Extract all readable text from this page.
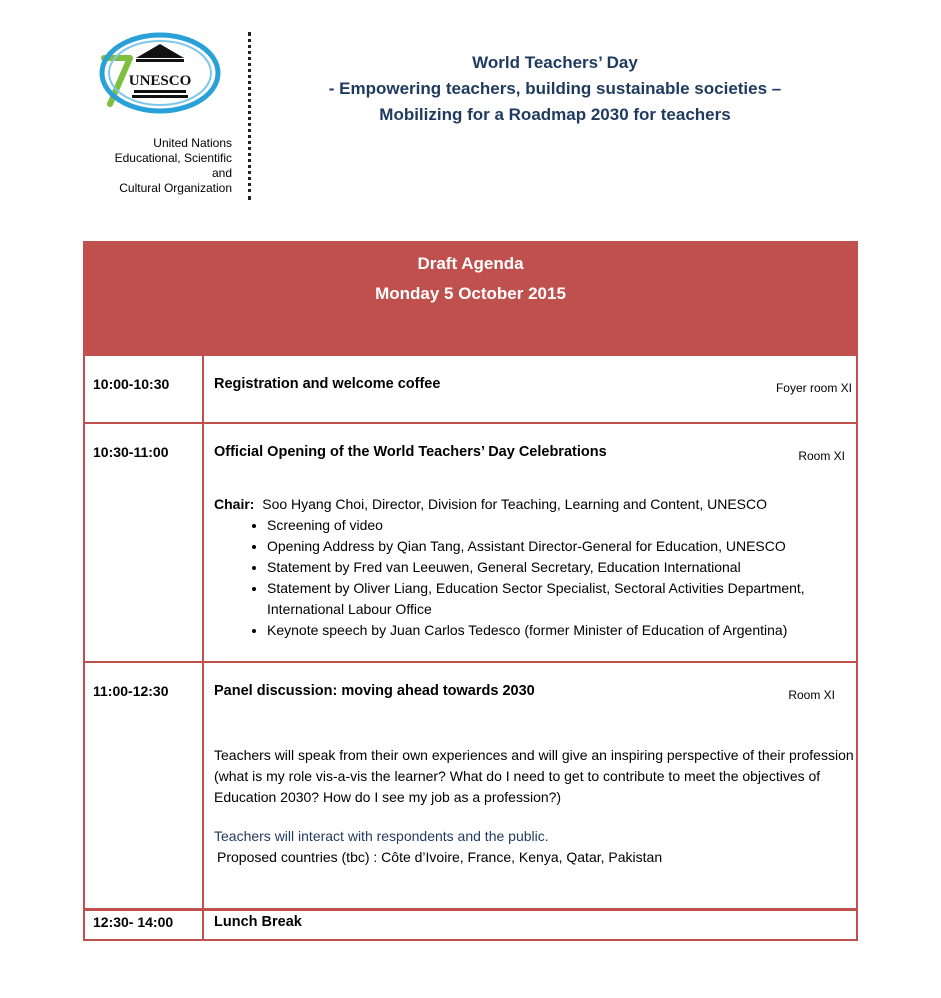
UNESCO
United Nations
Educational, Scientific
and
Cultural Organization
World Teachers’ Day
- Empowering teachers, building sustainable societies –
Mobilizing for a Roadmap 2030 for teachers
Draft Agenda
Monday 5 October 2015
10:00-10:30	Registration and welcome coffee	Foyer room XI
10:30-11:00	Official Opening of the World Teachers’ Day Celebrations	Room XI
Chair: Soo Hyang Choi, Director, Division for Teaching, Learning and Content, UNESCO
• Screening of video
• Opening Address by Qian Tang, Assistant Director-General for Education, UNESCO
• Statement by Fred van Leeuwen, General Secretary, Education International
• Statement by Oliver Liang, Education Sector Specialist, Sectoral Activities Department, International Labour Office
• Keynote speech by Juan Carlos Tedesco (former Minister of Education of Argentina)
11:00-12:30	Panel discussion: moving ahead towards 2030	Room XI
Teachers will speak from their own experiences and will give an inspiring perspective of their profession (what is my role vis-a-vis the learner? What do I need to get to contribute to meet the objectives of Education 2030? How do I see my job as a profession?)
Teachers will interact with respondents and the public.
Proposed countries (tbc) : Côte d’Ivoire, France, Kenya, Qatar, Pakistan
12:30- 14:00	Lunch Break
